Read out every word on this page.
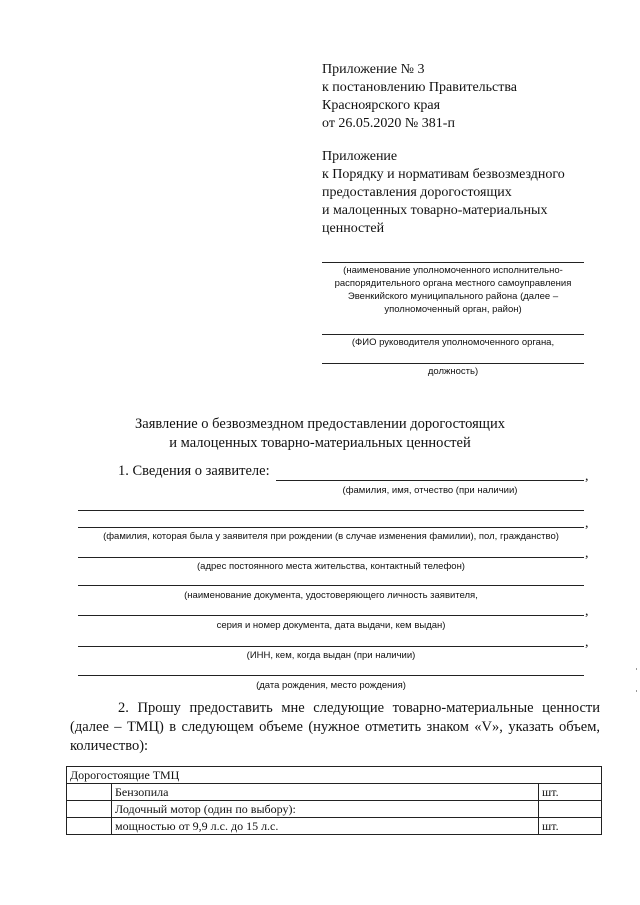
Приложение № 3
к постановлению Правительства
Красноярского края
от 26.05.2020 № 381-п
Приложение
к Порядку и нормативам безвозмездного
предоставления дорогостоящих
и малоценных товарно-материальных
ценностей
(наименование уполномоченного исполнительно-
распорядительного органа местного самоуправления
Эвенкийского муниципального района (далее –
уполномоченный орган, район)
(ФИО руководителя уполномоченного органа,
должность)
Заявление о безвозмездном предоставлении дорогостоящих
и малоценных товарно-материальных ценностей
1. Сведения о заявителе:	,
(фамилия, имя, отчество (при наличии)
,
(фамилия, которая была у заявителя при рождении (в случае изменения фамилии), пол, гражданство)
,
(адрес постоянного места жительства, контактный телефон)
(наименование документа, удостоверяющего личность заявителя,
,
серия и номер документа, дата выдачи, кем выдан)
,
(ИНН, кем, когда выдан (при наличии)
(дата рождения, место рождения)
2. Прошу предоставить мне следующие товарно-материальные ценности (далее – ТМЦ) в следующем объеме (нужное отметить знаком «V», указать объем, количество):
Дорогостоящие ТМЦ		
	Бензопила	шт.
	Лодочный мотор (один по выбору):	
	мощностью от 9,9 л.с. до 15 л.с.	шт.
